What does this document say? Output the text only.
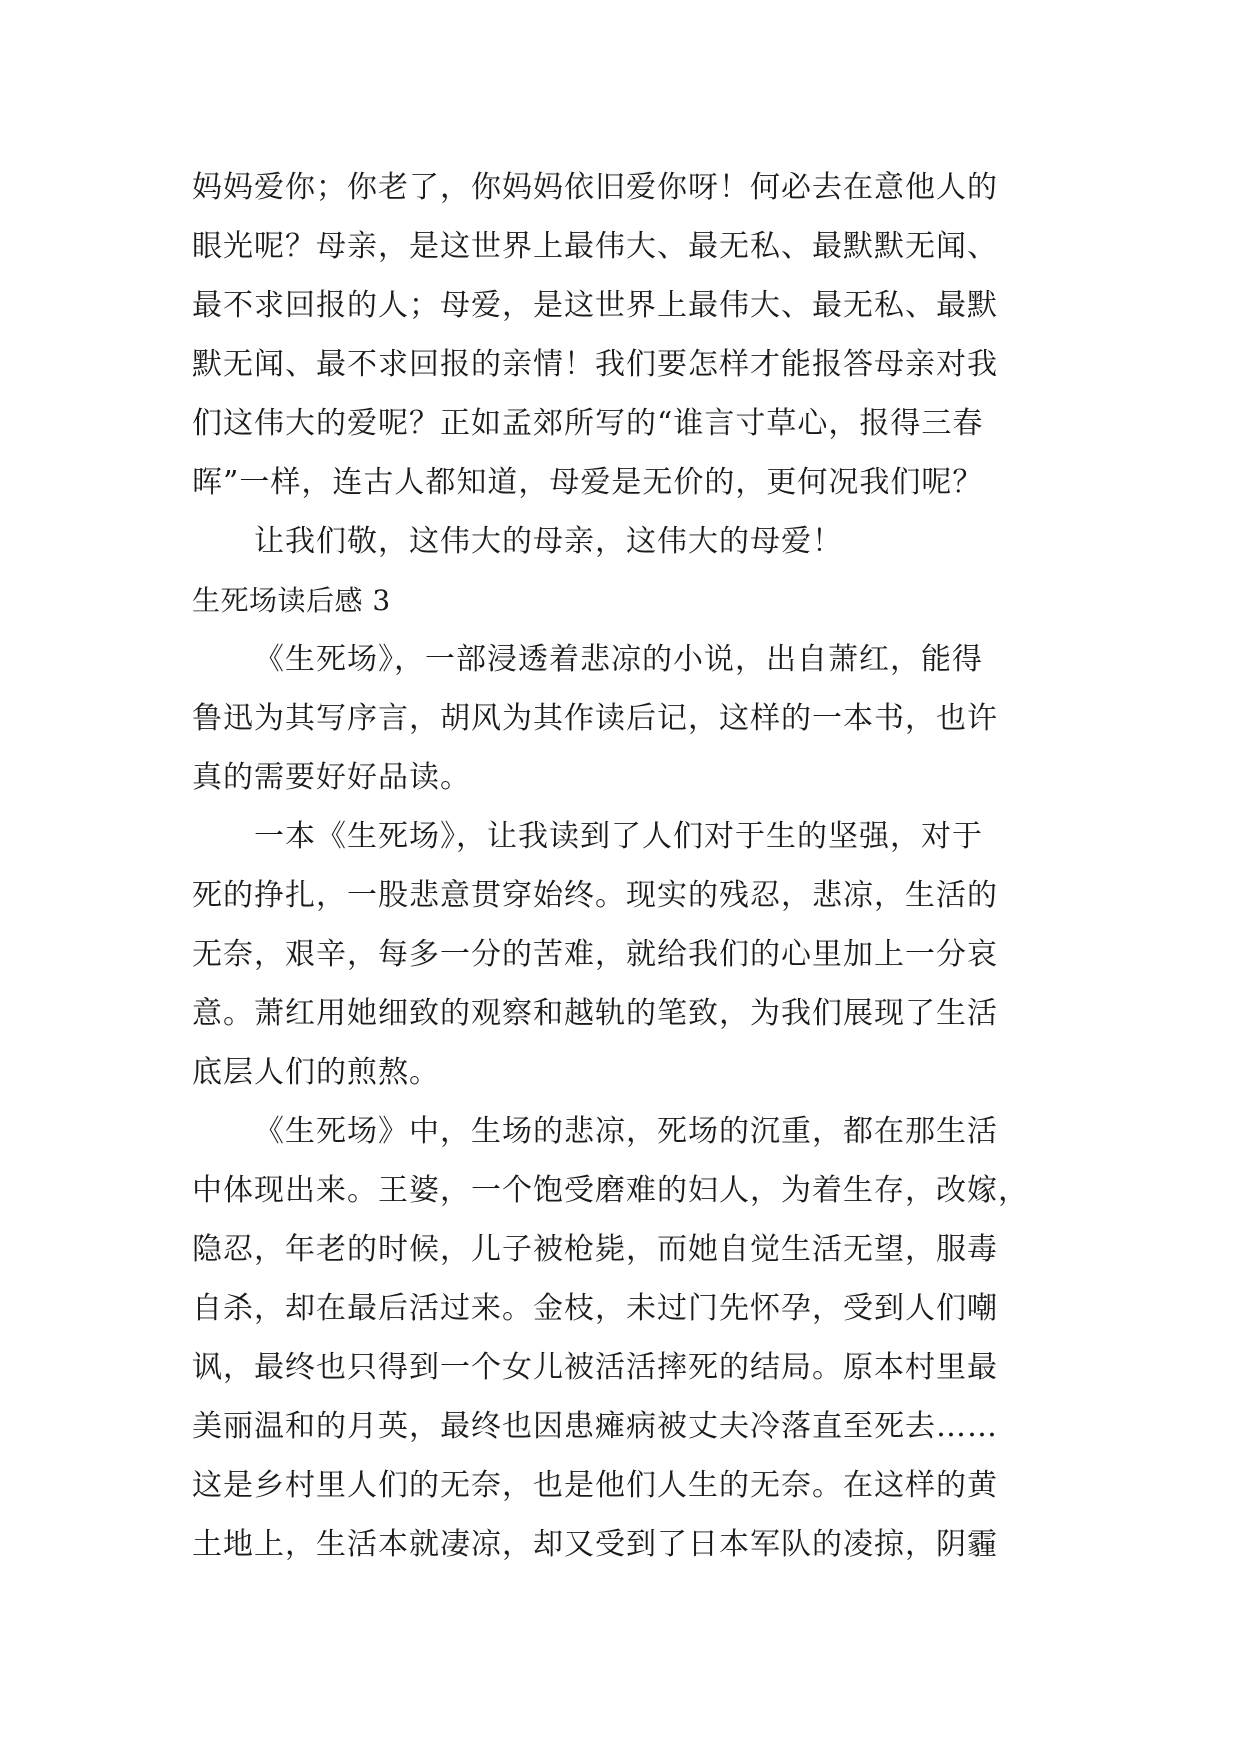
妈妈爱你；你老了，你妈妈依旧爱你呀！何必去在意他人的
眼光呢？母亲，是这世界上最伟大、最无私、最默默无闻、
最不求回报的人；母爱，是这世界上最伟大、最无私、最默
默无闻、最不求回报的亲情！我们要怎样才能报答母亲对我
们这伟大的爱呢？正如孟郊所写的“谁言寸草心，报得三春
晖”一样，连古人都知道，母爱是无价的，更何况我们呢？
让我们敬，这伟大的母亲，这伟大的母爱！
生死场读后感 3
《生死场》，一部浸透着悲凉的小说，出自萧红，能得
鲁迅为其写序言，胡风为其作读后记，这样的一本书，也许
真的需要好好品读。
一本《生死场》，让我读到了人们对于生的坚强，对于
死的挣扎，一股悲意贯穿始终。现实的残忍，悲凉，生活的
无奈，艰辛，每多一分的苦难，就给我们的心里加上一分哀
意。萧红用她细致的观察和越轨的笔致，为我们展现了生活
底层人们的煎熬。
《生死场》中，生场的悲凉，死场的沉重，都在那生活
中体现出来。王婆，一个饱受磨难的妇人，为着生存，改嫁，
隐忍，年老的时候，儿子被枪毙，而她自觉生活无望，服毒
自杀，却在最后活过来。金枝，未过门先怀孕，受到人们嘲
讽，最终也只得到一个女儿被活活摔死的结局。原本村里最
美丽温和的月英，最终也因患瘫病被丈夫冷落直至死去……
这是乡村里人们的无奈，也是他们人生的无奈。在这样的黄
土地上，生活本就凄凉，却又受到了日本军队的凌掠，阴霾
